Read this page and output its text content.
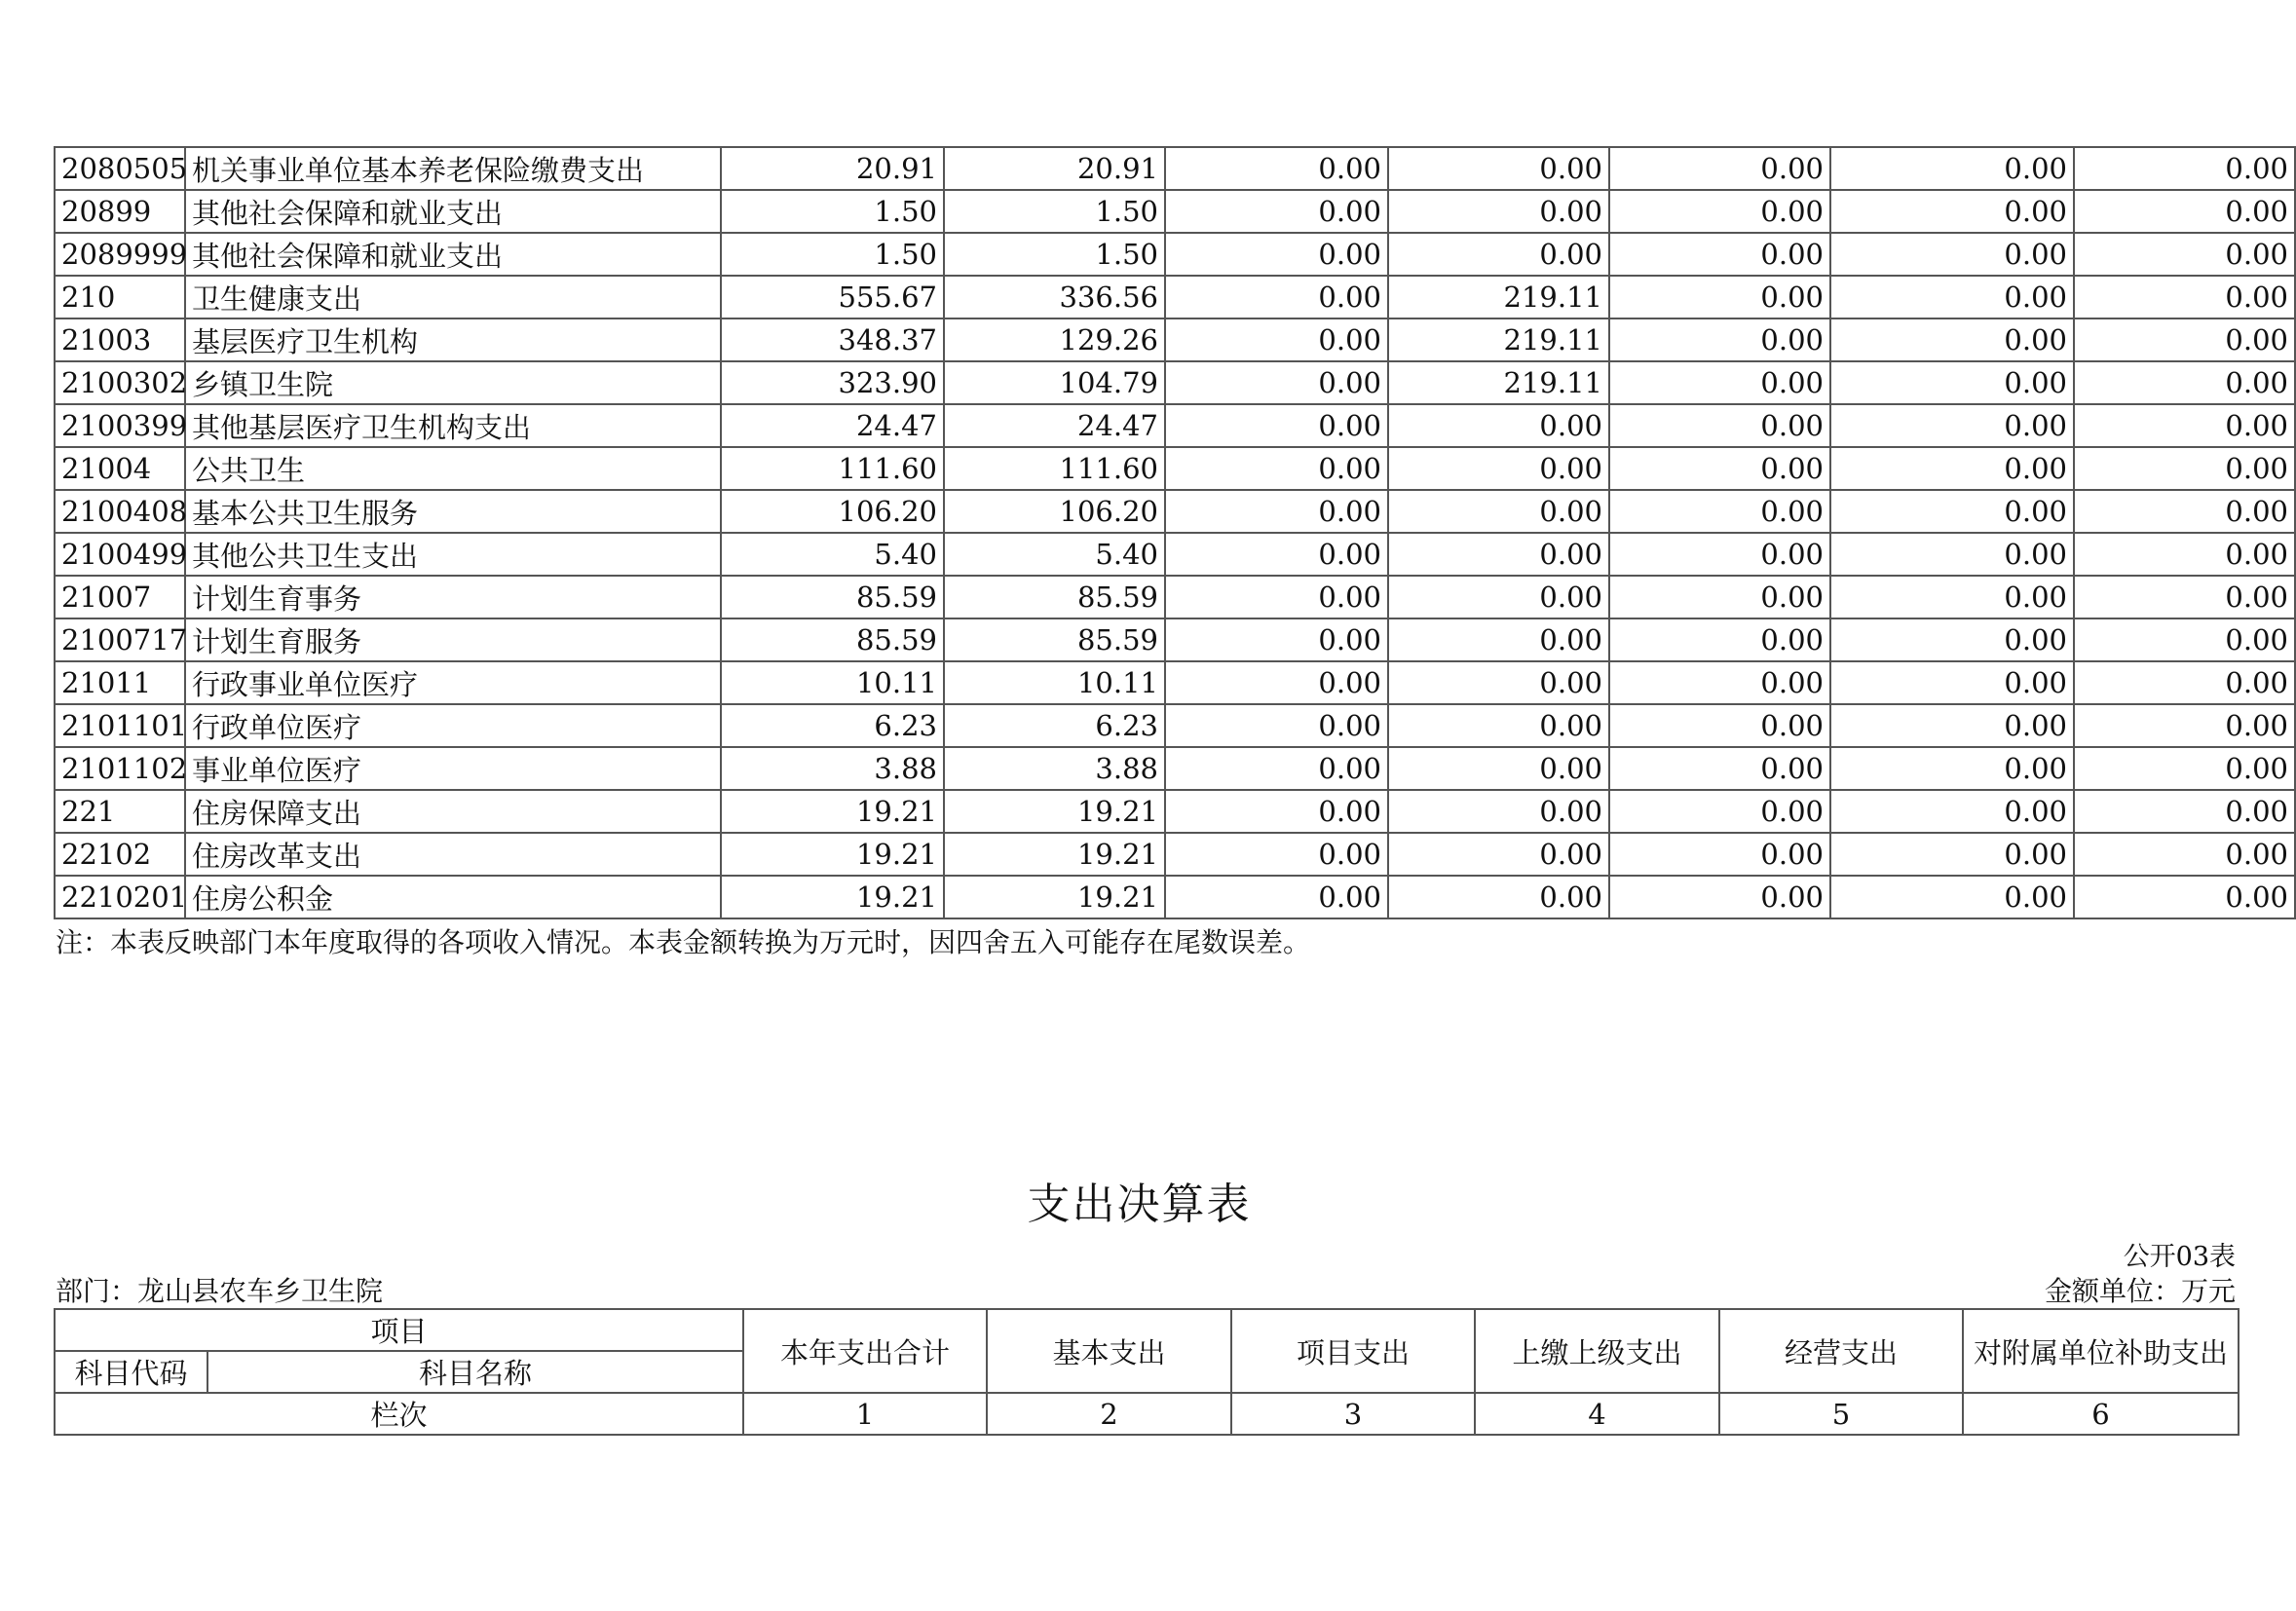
2080505	机关事业单位基本养老保险缴费支出	20.91	20.91	0.00	0.00	0.00	0.00	0.00
20899	其他社会保障和就业支出	1.50	1.50	0.00	0.00	0.00	0.00	0.00
2089999	其他社会保障和就业支出	1.50	1.50	0.00	0.00	0.00	0.00	0.00
210	卫生健康支出	555.67	336.56	0.00	219.11	0.00	0.00	0.00
21003	基层医疗卫生机构	348.37	129.26	0.00	219.11	0.00	0.00	0.00
2100302	乡镇卫生院	323.90	104.79	0.00	219.11	0.00	0.00	0.00
2100399	其他基层医疗卫生机构支出	24.47	24.47	0.00	0.00	0.00	0.00	0.00
21004	公共卫生	111.60	111.60	0.00	0.00	0.00	0.00	0.00
2100408	基本公共卫生服务	106.20	106.20	0.00	0.00	0.00	0.00	0.00
2100499	其他公共卫生支出	5.40	5.40	0.00	0.00	0.00	0.00	0.00
21007	计划生育事务	85.59	85.59	0.00	0.00	0.00	0.00	0.00
2100717	计划生育服务	85.59	85.59	0.00	0.00	0.00	0.00	0.00
21011	行政事业单位医疗	10.11	10.11	0.00	0.00	0.00	0.00	0.00
2101101	行政单位医疗	6.23	6.23	0.00	0.00	0.00	0.00	0.00
2101102	事业单位医疗	3.88	3.88	0.00	0.00	0.00	0.00	0.00
221	住房保障支出	19.21	19.21	0.00	0.00	0.00	0.00	0.00
22102	住房改革支出	19.21	19.21	0.00	0.00	0.00	0.00	0.00
2210201	住房公积金	19.21	19.21	0.00	0.00	0.00	0.00	0.00
注：本表反映部门本年度取得的各项收入情况。本表金额转换为万元时，因四舍五入可能存在尾数误差。
支出决算表
公开03表
部门：龙山县农车乡卫生院	金额单位：万元
项目		本年支出合计	基本支出	项目支出	上缴上级支出	经营支出	对附属单位补助支出
科目代码	科目名称						
栏次		1	2	3	4	5	6
